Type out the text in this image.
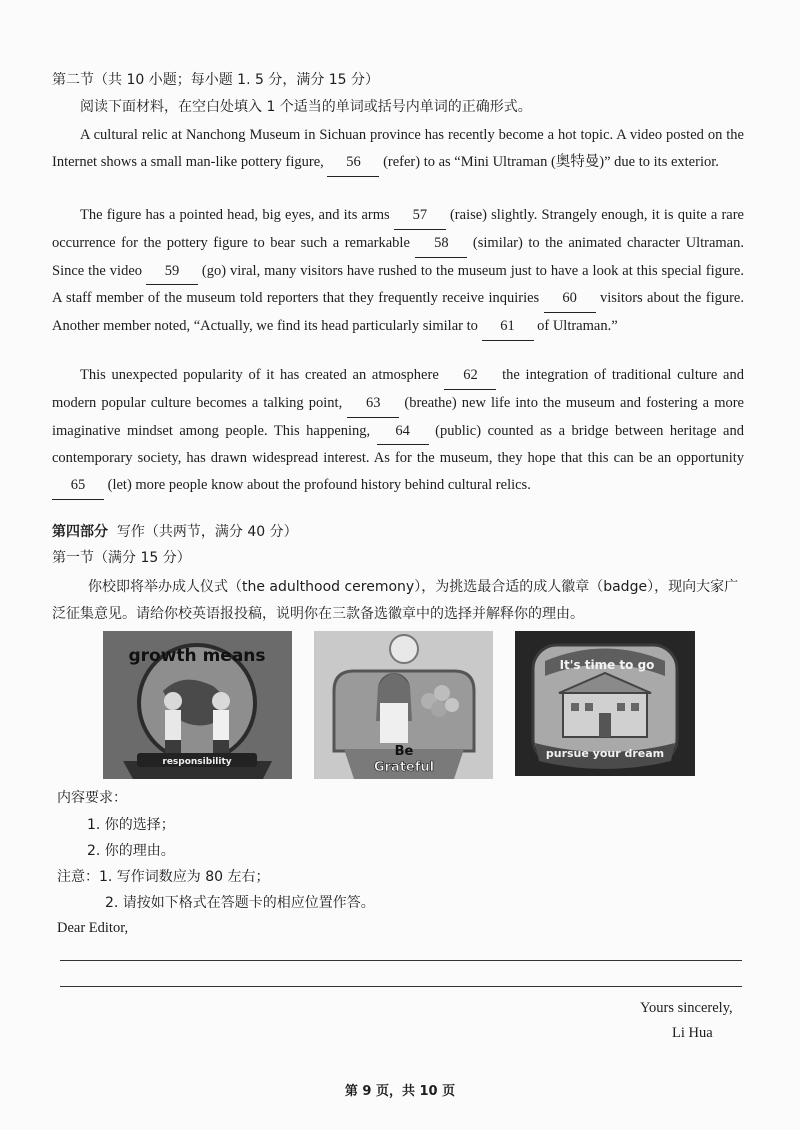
第二节（共 10 小题；每小题 1. 5 分，满分 15 分）
阅读下面材料，在空白处填入 1 个适当的单词或括号内单词的正确形式。
A cultural relic at Nanchong Museum in Sichuan province has recently become a hot topic. A video posted on the Internet shows a small man-like pottery figure, 56 (refer) to as “Mini Ultraman (奥特曼)” due to its exterior.
The figure has a pointed head, big eyes, and its arms 57 (raise) slightly. Strangely enough, it is quite a rare occurrence for the pottery figure to bear such a remarkable 58 (similar) to the animated character Ultraman. Since the video 59 (go) viral, many visitors have rushed to the museum just to have a look at this special figure. A staff member of the museum told reporters that they frequently receive inquiries 60 visitors about the figure. Another member noted, “Actually, we find its head particularly similar to 61 of Ultraman.”
This unexpected popularity of it has created an atmosphere 62 the integration of traditional culture and modern popular culture becomes a talking point, 63 (breathe) new life into the museum and fostering a more imaginative mindset among people. This happening, 64 (public) counted as a bridge between heritage and contemporary society, has drawn widespread interest. As for the museum, they hope that this can be an opportunity 65 (let) more people know about the profound history behind cultural relics.
第四部分 写作（共两节，满分 40 分）
第一节（满分 15 分）
你校即将举办成人仪式（the adulthood ceremony），为挑选最合适的成人徽章（badge），现向大家广泛征集意见。请给你校英语报投稿，说明你在三款备选徽章中的选择并解释你的理由。
growth means
responsibility
Be
Grateful
It's time to go
pursue your dream
内容要求：
1. 你的选择；
2. 你的理由。
注意：1. 写作词数应为 80 左右；
2. 请按如下格式在答题卡的相应位置作答。
Dear Editor,
Yours sincerely,
Li Hua
第 9 页，共 10 页
